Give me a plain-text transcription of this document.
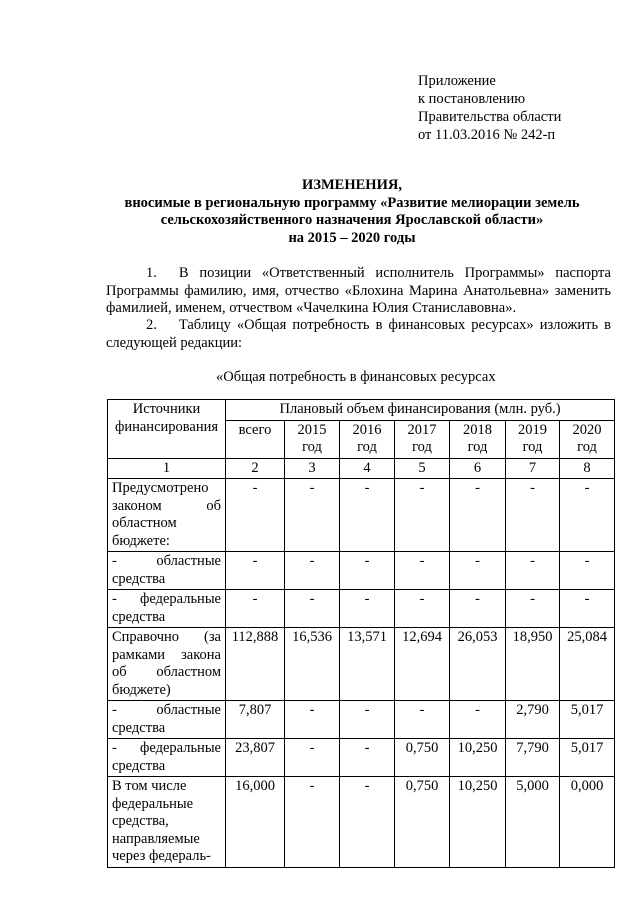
Приложение
к постановлению
Правительства области
от 11.03.2016 № 242-п
ИЗМЕНЕНИЯ,
вносимые в региональную программу «Развитие мелиорации земель
сельскохозяйственного назначения Ярославской области»
на 2015 – 2020 годы
1. В позиции «Ответственный исполнитель Программы» паспорта Программы фамилию, имя, отчество «Блохина Марина Анатольевна» заменить фамилией, именем, отчеством «Чачелкина Юлия Станиславовна».
2. Таблицу «Общая потребность в финансовых ресурсах» изложить в следующей редакции:
«Общая потребность в финансовых ресурсах
Источники финансирования	Плановый объем финансирования (млн. руб.)						
	всего	2015 год	2016 год	2017 год	2018 год	2019 год	2020 год
1	2	3	4	5	6	7	8
Предусмотрено законом об областном бюджете:	-	-	-	-	-	-	-
- областные средства	-	-	-	-	-	-	-
- федеральные средства	-	-	-	-	-	-	-
Справочно (за рамками закона об областном бюджете)	112,888	16,536	13,571	12,694	26,053	18,950	25,084
- областные средства	7,807	-	-	-	-	2,790	5,017
- федеральные средства	23,807	-	-	0,750	10,250	7,790	5,017
В том числе федеральные средства, направляемые через федераль-	16,000	-	-	0,750	10,250	5,000	0,000
